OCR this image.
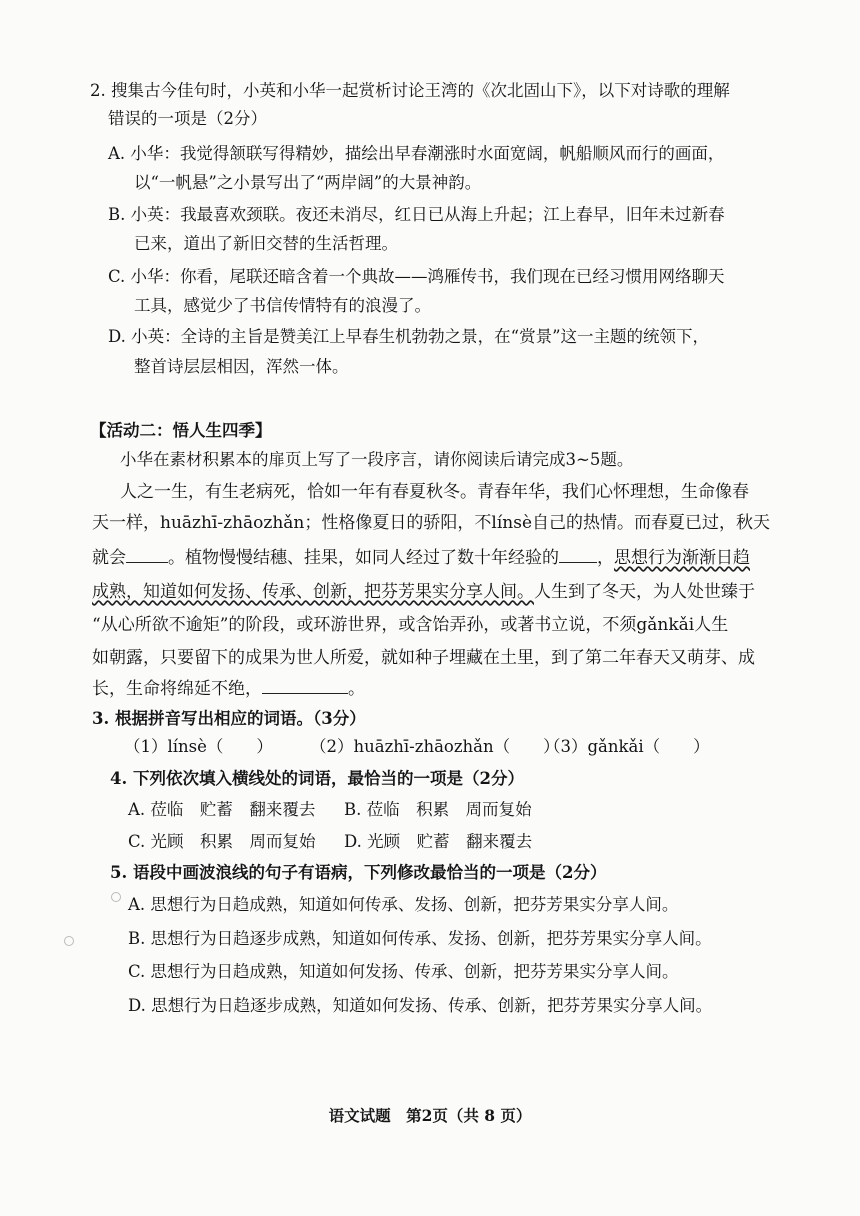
2. 搜集古今佳句时，小英和小华一起赏析讨论王湾的《次北固山下》，以下对诗歌的理解
错误的一项是（2分）
A. 小华：我觉得颔联写得精妙，描绘出早春潮涨时水面宽阔，帆船顺风而行的画面，
以“一帆悬”之小景写出了“两岸阔”的大景神韵。
B. 小英：我最喜欢颈联。夜还未消尽，红日已从海上升起；江上春早，旧年未过新春
已来，道出了新旧交替的生活哲理。
C. 小华：你看，尾联还暗含着一个典故——鸿雁传书，我们现在已经习惯用网络聊天
工具，感觉少了书信传情特有的浪漫了。
D. 小英：全诗的主旨是赞美江上早春生机勃勃之景，在“赏景”这一主题的统领下，
整首诗层层相因，浑然一体。
【活动二：悟人生四季】
小华在素材积累本的扉页上写了一段序言，请你阅读后请完成3~5题。
人之一生，有生老病死，恰如一年有春夏秋冬。青春年华，我们心怀理想，生命像春
天一样，huāzhī-zhāozhǎn；性格像夏日的骄阳，不línsè自己的热情。而春夏已过，秋天
就会 。植物慢慢结穗、挂果，如同人经过了数十年经验的 ，思想行为渐渐日趋
成熟，知道如何发扬、传承、创新，把芬芳果实分享人间。人生到了冬天，为人处世臻于
“从心所欲不逾矩”的阶段，或环游世界，或含饴弄孙，或著书立说，不须gǎnkǎi人生
如朝露，只要留下的成果为世人所爱，就如种子埋藏在土里，到了第二年春天又萌芽、成
长，生命将绵延不绝，	。
3. 根据拼音写出相应的词语。（3分）
（1）línsè（　　） （2）huāzhī-zhāozhǎn（　　）
（3）gǎnkǎi（　　）
4. 下列依次填入横线处的词语，最恰当的一项是（2分）
A. 莅临　贮蓄　翻来覆去 B. 莅临　积累　周而复始
C. 光顾　积累　周而复始 D. 光顾　贮蓄　翻来覆去
5. 语段中画波浪线的句子有语病，下列修改最恰当的一项是（2分）
A. 思想行为日趋成熟，知道如何传承、发扬、创新，把芬芳果实分享人间。
B. 思想行为日趋逐步成熟，知道如何传承、发扬、创新，把芬芳果实分享人间。
C. 思想行为日趋成熟，知道如何发扬、传承、创新，把芬芳果实分享人间。
D. 思想行为日趋逐步成熟，知道如何发扬、传承、创新，把芬芳果实分享人间。
语文试题　第2页（共 8 页）
